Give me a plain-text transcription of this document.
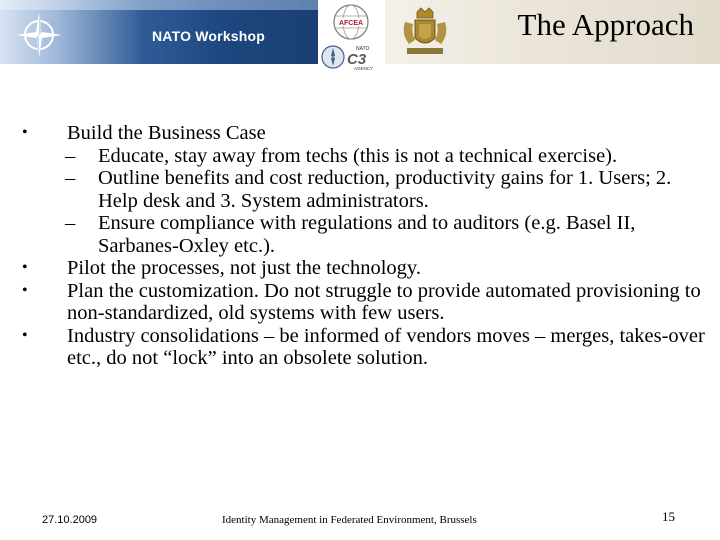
NATO Workshop
AFCEA
NATO
C3
AGENCY
The Approach
• Build the Business Case
– Educate, stay away from techs (this is not a technical exercise).
– Outline benefits and cost reduction, productivity gains for 1. Users; 2. Help desk and 3. System administrators.
– Ensure compliance with regulations and to auditors (e.g. Basel II, Sarbanes-Oxley etc.).
• Pilot the processes, not just the technology.
• Plan the customization. Do not struggle to provide automated provisioning to non-standardized, old systems with few users.
• Industry consolidations – be informed of vendors moves – merges, takes-over etc., do not “lock” into an obsolete solution.
27.10.2009	Identity Management in Federated Environment, Brussels	15
